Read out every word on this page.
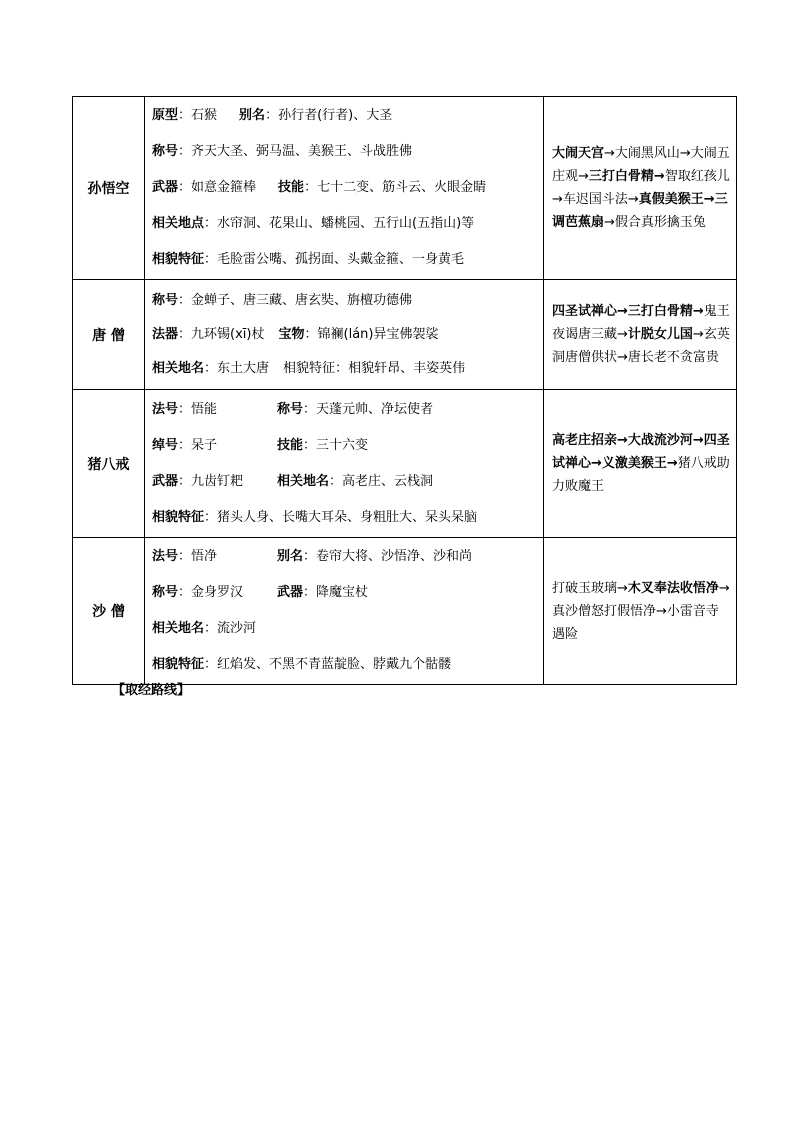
孙悟空	原型：石猴 别名：孙行者(行者)、大圣
称号：齐天大圣、弼马温、美猴王、斗战胜佛
武器：如意金箍棒 技能：七十二变、筋斗云、火眼金睛
相关地点：水帘洞、花果山、蟠桃园、五行山(五指山)等
相貌特征：毛脸雷公嘴、孤拐面、头戴金箍、一身黄毛	大闹天宫→大闹黑风山→大闹五庄观→三打白骨精→智取红孩儿→车迟国斗法→真假美猴王→三调芭蕉扇→假合真形擒玉兔
唐 僧	称号：金蝉子、唐三藏、唐玄奘、旃檀功德佛
法器：九环锡(xī)杖 宝物：锦襕(lán)异宝佛袈裟
相关地名：东土大唐 相貌特征：相貌轩昂、丰姿英伟	四圣试禅心→三打白骨精→鬼王夜谒唐三藏→计脱女儿国→玄英洞唐僧供状→唐长老不贪富贵
猪八戒	法号：悟能 称号：天蓬元帅、净坛使者
绰号：呆子 技能：三十六变
武器：九齿钉耙 相关地名：高老庄、云栈洞
相貌特征：猪头人身、长嘴大耳朵、身粗肚大、呆头呆脑	高老庄招亲→大战流沙河→四圣试禅心→义激美猴王→猪八戒助力败魔王
沙 僧	法号：悟净 别名：卷帘大将、沙悟净、沙和尚
称号：金身罗汉 武器：降魔宝杖
相关地名：流沙河
相貌特征：红焰发、不黑不青蓝靛脸、脖戴九个骷髅	打破玉玻璃→木叉奉法收悟净→真沙僧怒打假悟净→小雷音寺遇险
【取经路线】
